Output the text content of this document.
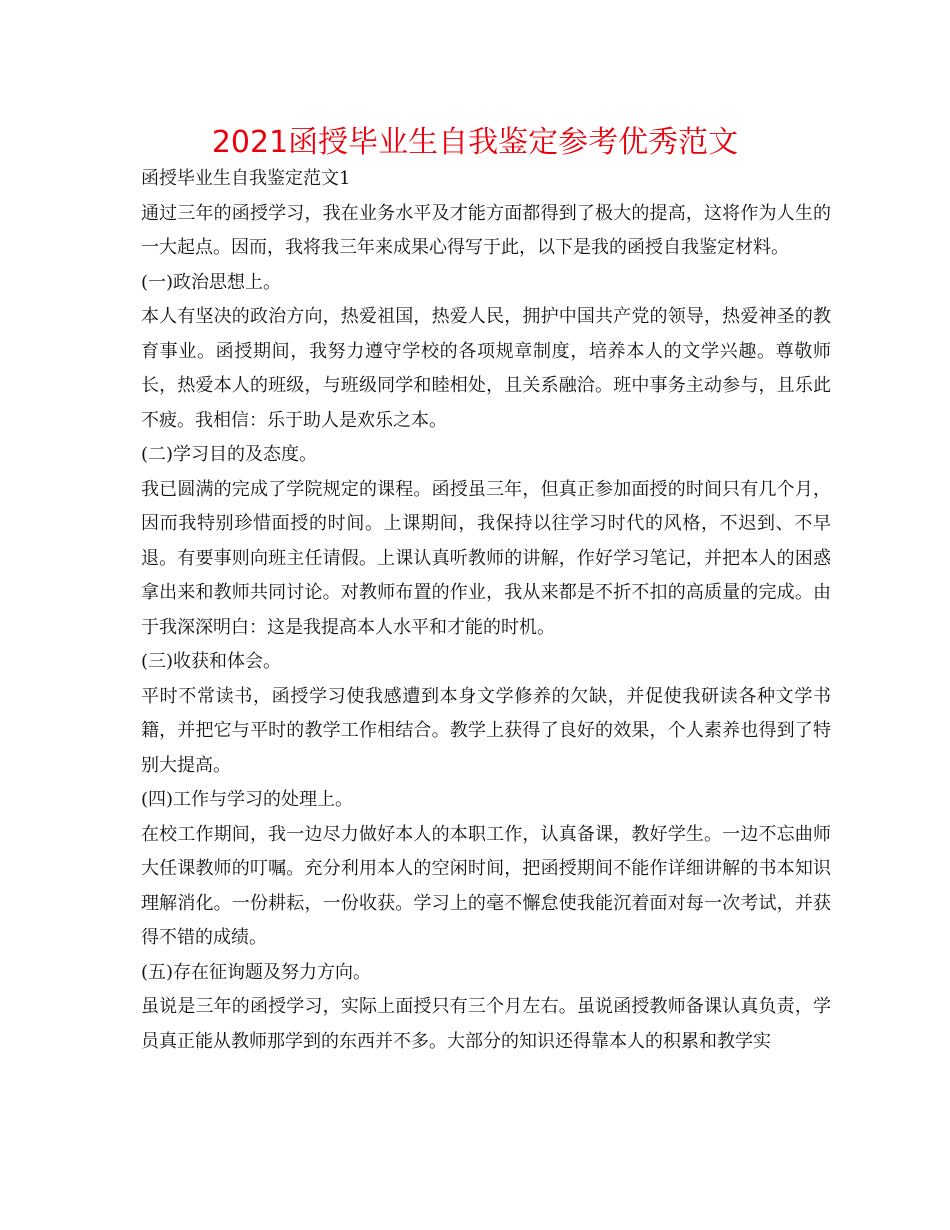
2021函授毕业生自我鉴定参考优秀范文

函授毕业生自我鉴定范文1

通过三年的函授学习，我在业务水平及才能方面都得到了极大的提高，这将作为人生的一大起点。因而，我将我三年来成果心得写于此，以下是我的函授自我鉴定材料。

(一)政治思想上。

本人有坚决的政治方向，热爱祖国，热爱人民，拥护中国共产党的领导，热爱神圣的教育事业。函授期间，我努力遵守学校的各项规章制度，培养本人的文学兴趣。尊敬师长，热爱本人的班级，与班级同学和睦相处，且关系融洽。班中事务主动参与，且乐此不疲。我相信：乐于助人是欢乐之本。

(二)学习目的及态度。

我已圆满的完成了学院规定的课程。函授虽三年，但真正参加面授的时间只有几个月，因而我特别珍惜面授的时间。上课期间，我保持以往学习时代的风格，不迟到、不早退。有要事则向班主任请假。上课认真听教师的讲解，作好学习笔记，并把本人的困惑拿出来和教师共同讨论。对教师布置的作业，我从来都是不折不扣的高质量的完成。由于我深深明白：这是我提高本人水平和才能的时机。

(三)收获和体会。

平时不常读书，函授学习使我感遭到本身文学修养的欠缺，并促使我研读各种文学书籍，并把它与平时的教学工作相结合。教学上获得了良好的效果，个人素养也得到了特别大提高。

(四)工作与学习的处理上。

在校工作期间，我一边尽力做好本人的本职工作，认真备课，教好学生。一边不忘曲师大任课教师的叮嘱。充分利用本人的空闲时间，把函授期间不能作详细讲解的书本知识理解消化。一份耕耘，一份收获。学习上的毫不懈怠使我能沉着面对每一次考试，并获得不错的成绩。

(五)存在征询题及努力方向。

虽说是三年的函授学习，实际上面授只有三个月左右。虽说函授教师备课认真负责，学员真正能从教师那学到的东西并不多。大部分的知识还得靠本人的积累和教学实
